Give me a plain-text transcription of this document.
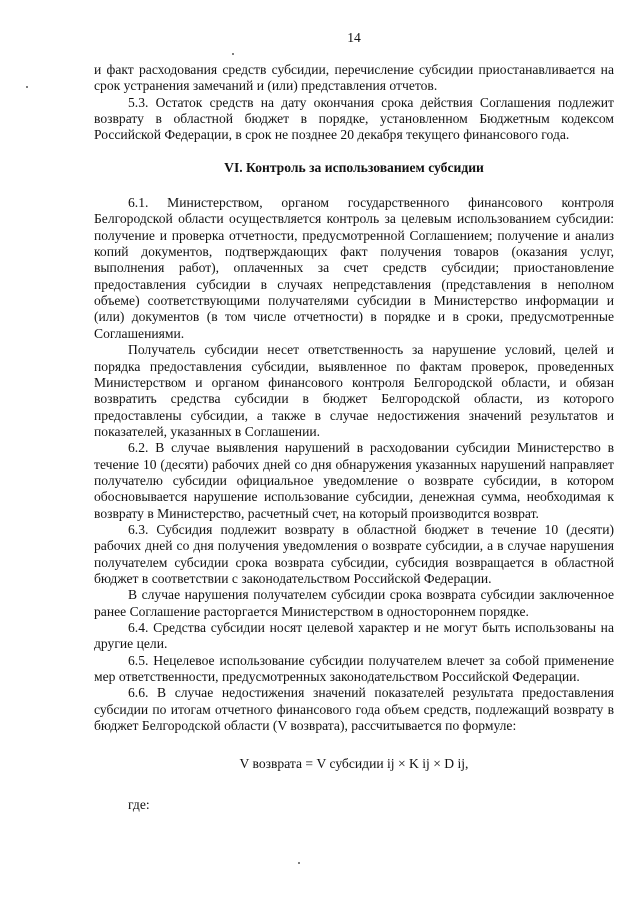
14

и факт расходования средств субсидии, перечисление субсидии приостанавливается на срок устранения замечаний и (или) представления отчетов.

5.3. Остаток средств на дату окончания срока действия Соглашения подлежит возврату в областной бюджет в порядке, установленном Бюджетным кодексом Российской Федерации, в срок не позднее 20 декабря текущего финансового года.

VI. Контроль за использованием субсидии

6.1. Министерством, органом государственного финансового контроля Белгородской области осуществляется контроль за целевым использованием субсидии: получение и проверка отчетности, предусмотренной Соглашением; получение и анализ копий документов, подтверждающих факт получения товаров (оказания услуг, выполнения работ), оплаченных за счет средств субсидии; приостановление предоставления субсидии в случаях непредставления (представления в неполном объеме) соответствующими получателями субсидии в Министерство информации и (или) документов (в том числе отчетности) в порядке и в сроки, предусмотренные Соглашениями.

Получатель субсидии несет ответственность за нарушение условий, целей и порядка предоставления субсидии, выявленное по фактам проверок, проведенных Министерством и органом финансового контроля Белгородской области, и обязан возвратить средства субсидии в бюджет Белгородской области, из которого предоставлены субсидии, а также в случае недостижения значений результатов и показателей, указанных в Соглашении.

6.2. В случае выявления нарушений в расходовании субсидии Министерство в течение 10 (десяти) рабочих дней со дня обнаружения указанных нарушений направляет получателю субсидии официальное уведомление о возврате субсидии, в котором обосновывается нарушение использование субсидии, денежная сумма, необходимая к возврату в Министерство, расчетный счет, на который производится возврат.

6.3. Субсидия подлежит возврату в областной бюджет в течение 10 (десяти) рабочих дней со дня получения уведомления о возврате субсидии, а в случае нарушения получателем субсидии срока возврата субсидии, субсидия возвращается в областной бюджет в соответствии с законодательством Российской Федерации.

В случае нарушения получателем субсидии срока возврата субсидии заключенное ранее Соглашение расторгается Министерством в одностороннем порядке.

6.4. Средства субсидии носят целевой характер и не могут быть использованы на другие цели.

6.5. Нецелевое использование субсидии получателем влечет за собой применение мер ответственности, предусмотренных законодательством Российской Федерации.

6.6. В случае недостижения значений показателей результата предоставления субсидии по итогам отчетного финансового года объем средств, подлежащий возврату в бюджет Белгородской области (V возврата), рассчитывается по формуле:

V возврата = V субсидии ij × K ij × D ij,

где:
